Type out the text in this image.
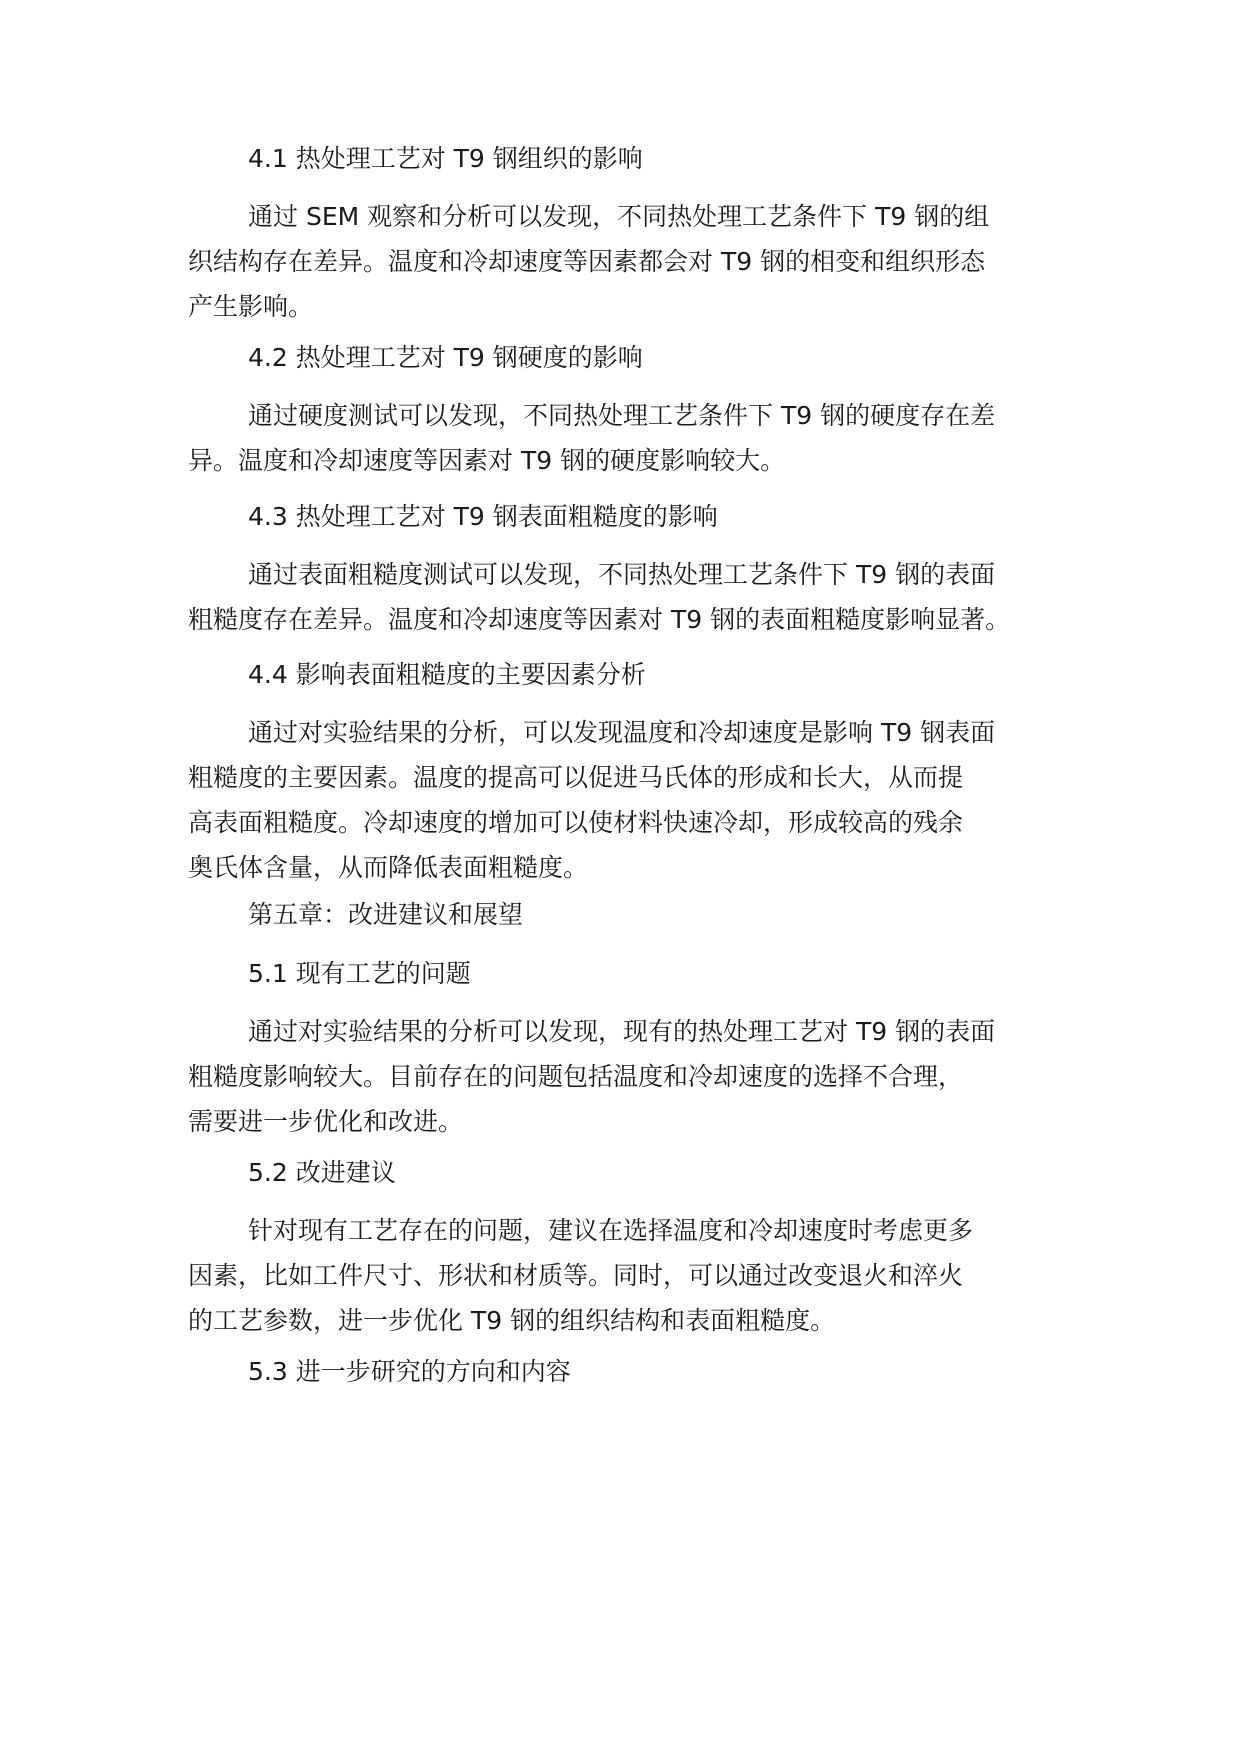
4.1 热处理工艺对 T9 钢组织的影响
通过 SEM 观察和分析可以发现，不同热处理工艺条件下 T9 钢的组
织结构存在差异。温度和冷却速度等因素都会对 T9 钢的相变和组织形态
产生影响。
4.2 热处理工艺对 T9 钢硬度的影响
通过硬度测试可以发现，不同热处理工艺条件下 T9 钢的硬度存在差
异。温度和冷却速度等因素对 T9 钢的硬度影响较大。
4.3 热处理工艺对 T9 钢表面粗糙度的影响
通过表面粗糙度测试可以发现，不同热处理工艺条件下 T9 钢的表面
粗糙度存在差异。温度和冷却速度等因素对 T9 钢的表面粗糙度影响显著。
4.4 影响表面粗糙度的主要因素分析
通过对实验结果的分析，可以发现温度和冷却速度是影响 T9 钢表面
粗糙度的主要因素。温度的提高可以促进马氏体的形成和长大，从而提
高表面粗糙度。冷却速度的增加可以使材料快速冷却，形成较高的残余
奥氏体含量，从而降低表面粗糙度。
第五章：改进建议和展望
5.1 现有工艺的问题
通过对实验结果的分析可以发现，现有的热处理工艺对 T9 钢的表面
粗糙度影响较大。目前存在的问题包括温度和冷却速度的选择不合理，
需要进一步优化和改进。
5.2 改进建议
针对现有工艺存在的问题，建议在选择温度和冷却速度时考虑更多
因素，比如工件尺寸、形状和材质等。同时，可以通过改变退火和淬火
的工艺参数，进一步优化 T9 钢的组织结构和表面粗糙度。
5.3 进一步研究的方向和内容
